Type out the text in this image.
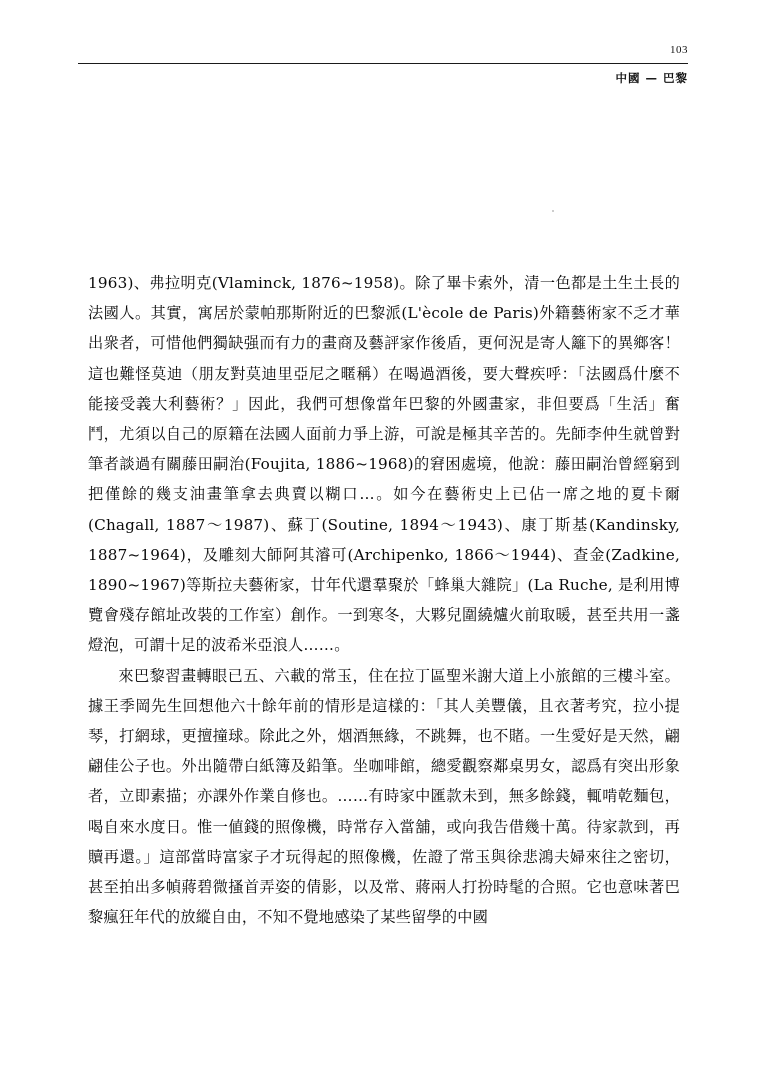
103
中國 — 巴黎

1963)、弗拉明克(Vlaminck, 1876~1958)。除了畢卡索外，清一色都是土生土長的法國人。其實，寓居於蒙帕那斯附近的巴黎派(L'ècole de Paris)外籍藝術家不乏才華出衆者，可惜他們獨缺强而有力的畫商及藝評家作後盾，更何況是寄人籬下的異鄉客！這也難怪莫迪（朋友對莫迪里亞尼之暱稱）在喝過酒後，要大聲疾呼：「法國爲什麼不能接受義大利藝術？」因此，我們可想像當年巴黎的外國畫家，非但要爲「生活」奮鬥，尤須以自己的原籍在法國人面前力爭上游，可說是極其辛苦的。先師李仲生就曾對筆者談過有關藤田嗣治(Foujita, 1886~1968)的窘困處境，他說：藤田嗣治曾經窮到把僅餘的幾支油畫筆拿去典賣以糊口…。如今在藝術史上已佔一席之地的夏卡爾(Chagall, 1887～1987)、蘇丁(Soutine, 1894～1943)、康丁斯基(Kandinsky, 1887~1964)，及雕刻大師阿其濬可(Archipenko, 1866～1944)、查金(Zadkine, 1890~1967)等斯拉夫藝術家，廿年代還羣聚於「蜂巢大雜院」(La Ruche, 是利用博覽會殘存館址改裝的工作室）創作。一到寒冬，大夥兒圍繞爐火前取暖，甚至共用一盞燈泡，可謂十足的波希米亞浪人……。

來巴黎習畫轉眼已五、六載的常玉，住在拉丁區聖米謝大道上小旅館的三樓斗室。據王季岡先生回想他六十餘年前的情形是這樣的：「其人美豐儀，且衣著考究，拉小提琴，打網球，更擅撞球。除此之外，烟酒無緣，不跳舞，也不賭。一生愛好是天然，翩翩佳公子也。外出隨帶白紙簿及鉛筆。坐咖啡館，總愛觀察鄰桌男女，認爲有突出形象者，立即素描；亦課外作業自修也。……有時家中匯款未到，無多餘錢，輒啃乾麵包，喝自來水度日。惟一値錢的照像機，時常存入當舖，或向我告借幾十萬。待家款到，再贖再還。」這部當時富家子才玩得起的照像機，佐證了常玉與徐悲鴻夫婦來往之密切，甚至拍出多幀蔣碧微搔首弄姿的倩影，以及常、蔣兩人打扮時髦的合照。它也意味著巴黎瘋狂年代的放縱自由，不知不覺地感染了某些留學的中國
